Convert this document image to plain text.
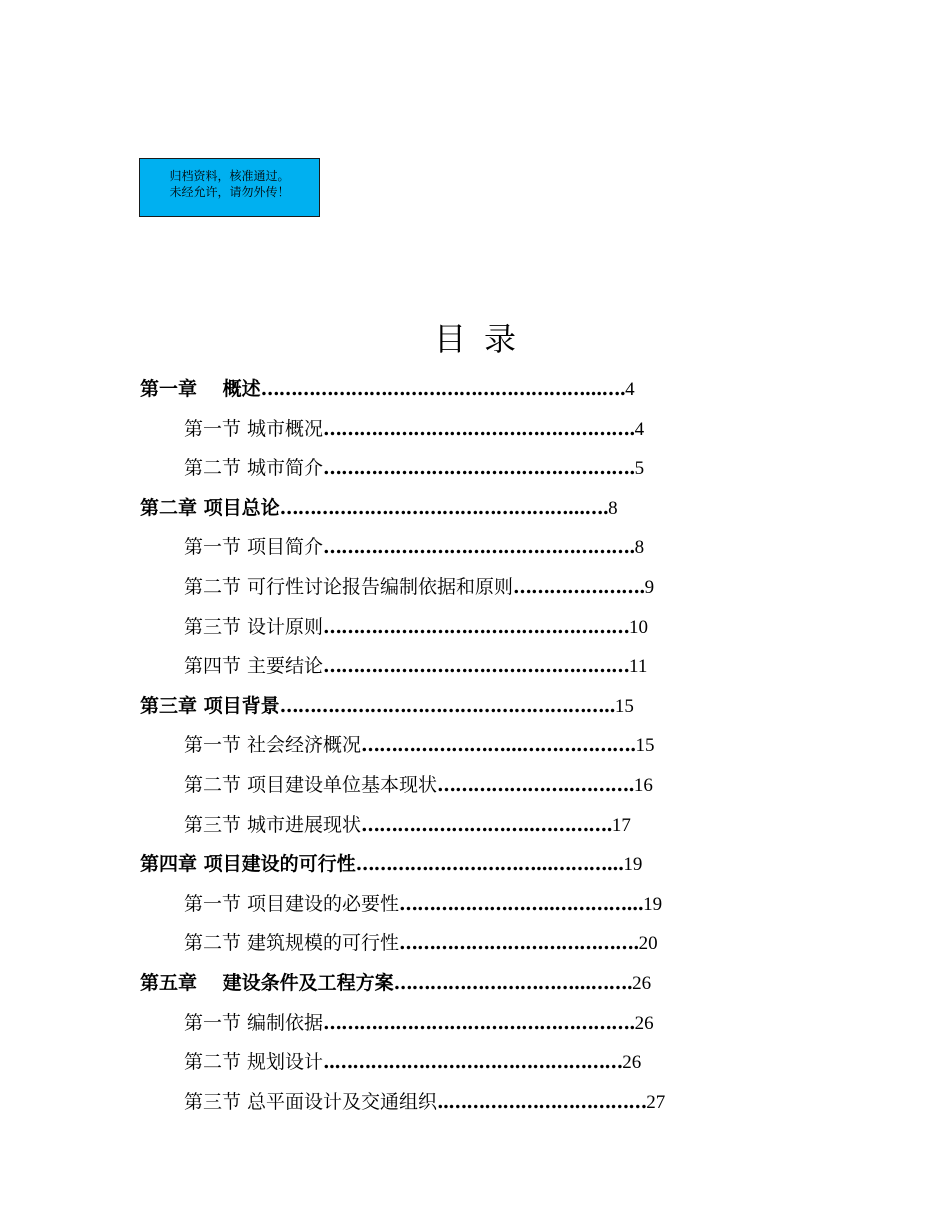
归档资料，核准通过。
未经允许，请勿外传！
目录
第一章　 概述………………………………………………...….4
第一节 城市概况…………………………………………….4
第二节 城市简介…………………………………………….5
第二章 项目总论…………………………………………...….8
第一节 项目简介…………………………………………….8
第二节 可行性讨论报告编制依据和原则………………….9
第三节 设计原则……………………………………………10
第四节 主要结论……………………………………………11
第三章 项目背景………………………………………………..15
第一节 社会经济概况……………………...……………….15
第二节 项目建设单位基本现状…………………..……….16
第三节 城市进展现状………………………..………….17
第四章 项目建设的可行性…………………………...………...19
第一节 项目建设的必要性……………………..…………...19
第二节 建筑规模的可行性………………………………….20
第五章　 建设条件及工程方案…………………………...…….26
第一节 编制依据…………………………………………….26
第二节 规划设计..…………………………………………26
第三节 总平面设计及交通组织..……………………………27
